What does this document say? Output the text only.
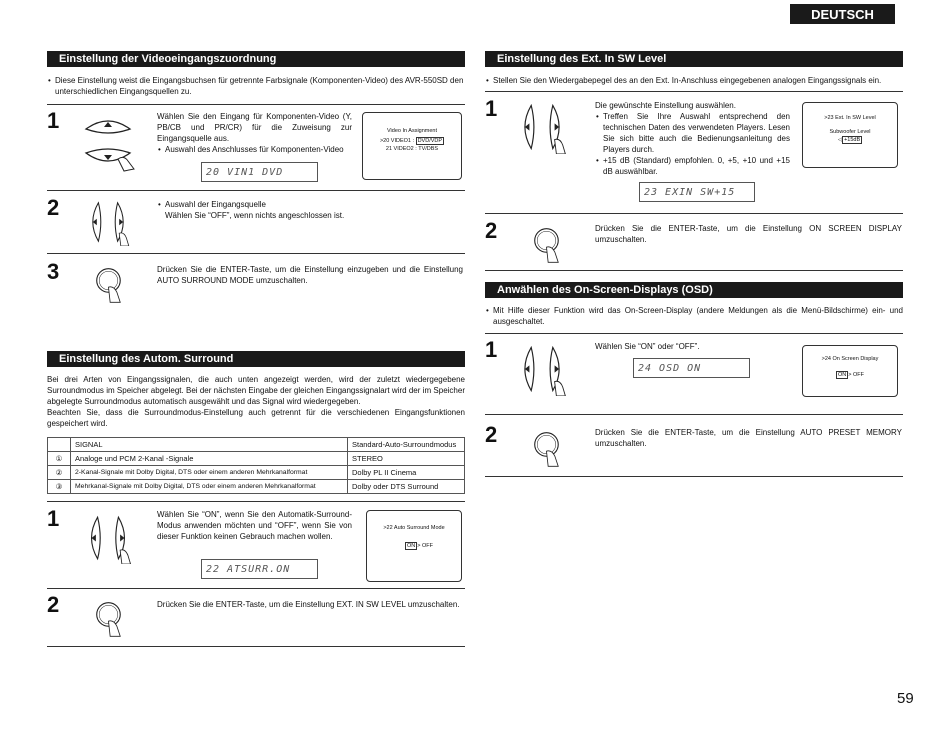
DEUTSCH
Einstellung der Videoeingangszuordnung
• Diese Einstellung weist die Eingangsbuchsen für getrennte Farbsignale (Komponenten-Video) des AVR-550SD den unterschiedlichen Eingangsquellen zu.
1	Wählen Sie den Eingang für Komponenten-Video (Y, PB/CB und PR/CR) für die Zuweisung zur Eingangsquelle aus.
• Auswahl des Anschlusses für Komponenten-Video
20 VIN1 DVD
Video In Assignment
>20 VIDEO1 : DVD/VDP
21 VIDEO2 : TV/DBS
2	• Auswahl der Eingangsquelle
Wählen Sie “OFF”, wenn nichts angeschlossen ist.
3	Drücken Sie die ENTER-Taste, um die Einstellung einzugeben und die Einstellung AUTO SURROUND MODE umzuschalten.
Einstellung des Autom. Surround
Bei drei Arten von Eingangssignalen, die auch unten angezeigt werden, wird der zuletzt wiedergegebene Surroundmodus im Speicher abgelegt. Bei der nächsten Eingabe der gleichen Eingangssignalart wird der im Speicher abgelegte Surroundmodus automatisch ausgewählt und das Signal wird wiedergegeben.
Beachten Sie, dass die Surroundmodus-Einstellung auch getrennt für die verschiedenen Eingangsfunktionen gespeichert wird.
	SIGNAL	Standard-Auto-Surroundmodus
①	Analoge und PCM 2-Kanal -Signale	STEREO
②	2-Kanal-Signale mit Dolby Digital, DTS oder einem anderen Mehrkanalformat	Dolby PL II Cinema
③	Mehrkanal-Signale mit Dolby Digital, DTS oder einem anderen Mehrkanalformat	Dolby oder DTS Surround
1	Wählen Sie “ON”, wenn Sie den Automatik-Surround-Modus anwenden möchten und “OFF”, wenn Sie von dieser Funktion keinen Gebrauch machen wollen.
22 ATSURR.ON
>22 Auto Surround Mode
ON > OFF
2	Drücken Sie die ENTER-Taste, um die Einstellung EXT. IN SW LEVEL umzuschalten.
Einstellung des Ext. In SW Level
• Stellen Sie den Wiedergabepegel des an den Ext. In-Anschluss eingegebenen analogen Eingangssignals ein.
1	Die gewünschte Einstellung auswählen.
• Treffen Sie Ihre Auswahl entsprechend den technischen Daten des verwendeten Players. Lesen Sie sich bitte auch die Bedienungsanleitung des Players durch.
• +15 dB (Standard) empfohlen. 0, +5, +10 und +15 dB auswählbar.
23 EXIN SW+15
>23 Ext. In SW Level
Subwoofer Level
◁ +15dB
2	Drücken Sie die ENTER-Taste, um die Einstellung ON SCREEN DISPLAY umzuschalten.
Anwählen des On-Screen-Displays (OSD)
• Mit Hilfe dieser Funktion wird das On-Screen-Display (andere Meldungen als die Menü-Bildschirme) ein- und ausgeschaltet.
1	Wählen Sie “ON” oder “OFF”.
24 OSD ON
>24 On Screen Display
ON > OFF
2	Drücken Sie die ENTER-Taste, um die Einstellung AUTO PRESET MEMORY umzuschalten.
59
